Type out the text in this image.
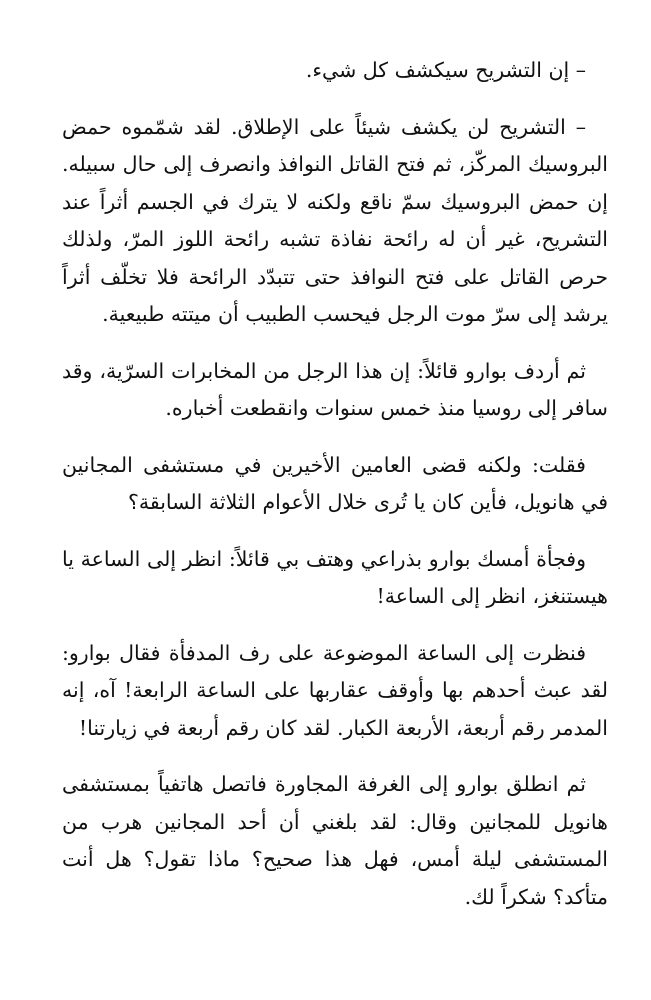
– إن التشريح سيكشف كل شيء.

– التشريح لن يكشف شيئاً على الإطلاق. لقد شمّموه حمض البروسيك المركّز، ثم فتح القاتل النوافذ وانصرف إلى حال سبيله. إن حمض البروسيك سمّ ناقع ولكنه لا يترك في الجسم أثراً عند التشريح، غير أن له رائحة نفاذة تشبه رائحة اللوز المرّ، ولذلك حرص القاتل على فتح النوافذ حتى تتبدّد الرائحة فلا تخلّف أثراً يرشد إلى سرّ موت الرجل فيحسب الطبيب أن ميتته طبيعية.

ثم أردف بوارو قائلاً: إن هذا الرجل من المخابرات السرّية، وقد سافر إلى روسيا منذ خمس سنوات وانقطعت أخباره.

فقلت: ولكنه قضى العامين الأخيرين في مستشفى المجانين في هانويل، فأين كان يا تُرى خلال الأعوام الثلاثة السابقة؟

وفجأة أمسك بوارو بذراعي وهتف بي قائلاً: انظر إلى الساعة يا هيستنغز، انظر إلى الساعة!

فنظرت إلى الساعة الموضوعة على رف المدفأة فقال بوارو: لقد عبث أحدهم بها وأوقف عقاربها على الساعة الرابعة! آه، إنه المدمر رقم أربعة، الأربعة الكبار. لقد كان رقم أربعة في زيارتنا!

ثم انطلق بوارو إلى الغرفة المجاورة فاتصل هاتفياً بمستشفى هانويل للمجانين وقال: لقد بلغني أن أحد المجانين هرب من المستشفى ليلة أمس، فهل هذا صحيح؟ ماذا تقول؟ هل أنت متأكد؟ شكراً لك.
